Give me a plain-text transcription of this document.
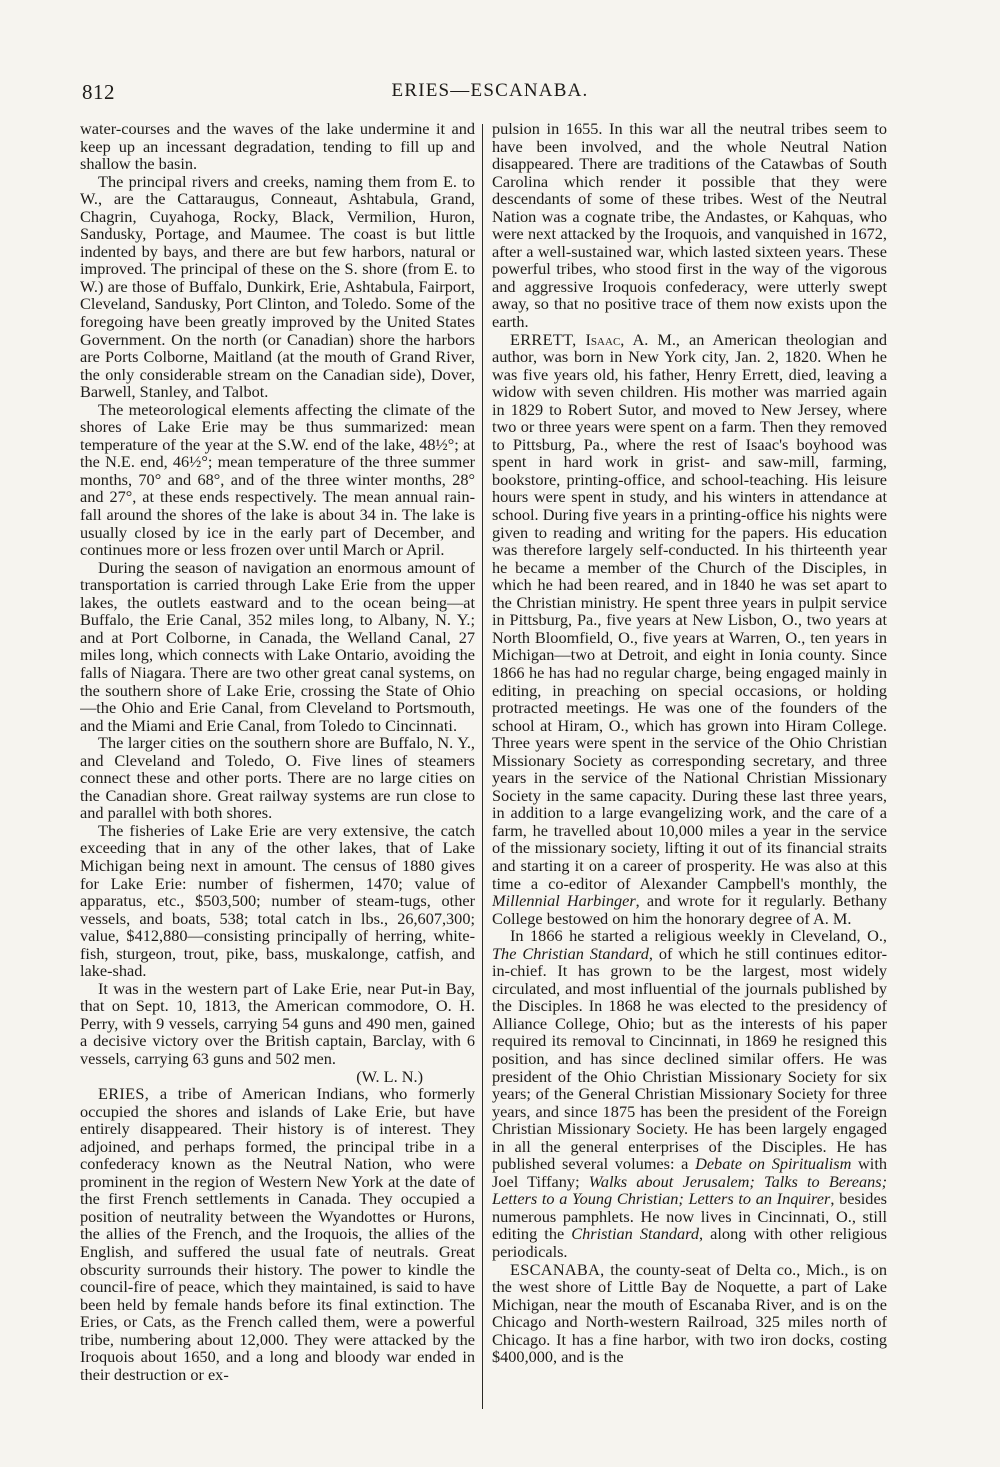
812	ERIES—ESCANABA.

water-courses and the waves of the lake undermine it and keep up an incessant degradation, tending to fill up and shallow the basin.

The principal rivers and creeks, naming them from E. to W., are the Cattaraugus, Conneaut, Ashtabula, Grand, Chagrin, Cuyahoga, Rocky, Black, Vermilion, Huron, Sandusky, Portage, and Maumee. The coast is but little indented by bays, and there are but few harbors, natural or improved. The principal of these on the S. shore (from E. to W.) are those of Buffalo, Dunkirk, Erie, Ashtabula, Fairport, Cleveland, Sandusky, Port Clinton, and Toledo. Some of the foregoing have been greatly improved by the United States Government. On the north (or Canadian) shore the harbors are Ports Colborne, Maitland (at the mouth of Grand River, the only considerable stream on the Canadian side), Dover, Barwell, Stanley, and Talbot.

The meteorological elements affecting the climate of the shores of Lake Erie may be thus summarized: mean temperature of the year at the S.W. end of the lake, 48½°; at the N.E. end, 46½°; mean temperature of the three summer months, 70° and 68°, and of the three winter months, 28° and 27°, at these ends respectively. The mean annual rain-fall around the shores of the lake is about 34 in. The lake is usually closed by ice in the early part of December, and continues more or less frozen over until March or April.

During the season of navigation an enormous amount of transportation is carried through Lake Erie from the upper lakes, the outlets eastward and to the ocean being—at Buffalo, the Erie Canal, 352 miles long, to Albany, N. Y.; and at Port Colborne, in Canada, the Welland Canal, 27 miles long, which connects with Lake Ontario, avoiding the falls of Niagara. There are two other great canal systems, on the southern shore of Lake Erie, crossing the State of Ohio—the Ohio and Erie Canal, from Cleveland to Portsmouth, and the Miami and Erie Canal, from Toledo to Cincinnati.

The larger cities on the southern shore are Buffalo, N. Y., and Cleveland and Toledo, O. Five lines of steamers connect these and other ports. There are no large cities on the Canadian shore. Great railway systems are run close to and parallel with both shores.

The fisheries of Lake Erie are very extensive, the catch exceeding that in any of the other lakes, that of Lake Michigan being next in amount. The census of 1880 gives for Lake Erie: number of fishermen, 1470; value of apparatus, etc., $503,500; number of steam-tugs, other vessels, and boats, 538; total catch in lbs., 26,607,300; value, $412,880—consisting principally of herring, white-fish, sturgeon, trout, pike, bass, muskalonge, catfish, and lake-shad.

It was in the western part of Lake Erie, near Put-in Bay, that on Sept. 10, 1813, the American commodore, O. H. Perry, with 9 vessels, carrying 54 guns and 490 men, gained a decisive victory over the British captain, Barclay, with 6 vessels, carrying 63 guns and 502 men.
(W. L. N.)

ERIES, a tribe of American Indians, who formerly occupied the shores and islands of Lake Erie, but have entirely disappeared. Their history is of interest. They adjoined, and perhaps formed, the principal tribe in a confederacy known as the Neutral Nation, who were prominent in the region of Western New York at the date of the first French settlements in Canada. They occupied a position of neutrality between the Wyandottes or Hurons, the allies of the French, and the Iroquois, the allies of the English, and suffered the usual fate of neutrals. Great obscurity surrounds their history. The power to kindle the council-fire of peace, which they maintained, is said to have been held by female hands before its final extinction. The Eries, or Cats, as the French called them, were a powerful tribe, numbering about 12,000. They were attacked by the Iroquois about 1650, and a long and bloody war ended in their destruction or ex-

pulsion in 1655. In this war all the neutral tribes seem to have been involved, and the whole Neutral Nation disappeared. There are traditions of the Catawbas of South Carolina which render it possible that they were descendants of some of these tribes. West of the Neutral Nation was a cognate tribe, the Andastes, or Kahquas, who were next attacked by the Iroquois, and vanquished in 1672, after a well-sustained war, which lasted sixteen years. These powerful tribes, who stood first in the way of the vigorous and aggressive Iroquois confederacy, were utterly swept away, so that no positive trace of them now exists upon the earth.

ERRETT, Isaac, A. M., an American theologian and author, was born in New York city, Jan. 2, 1820. When he was five years old, his father, Henry Errett, died, leaving a widow with seven children. His mother was married again in 1829 to Robert Sutor, and moved to New Jersey, where two or three years were spent on a farm. Then they removed to Pittsburg, Pa., where the rest of Isaac's boyhood was spent in hard work in grist- and saw-mill, farming, bookstore, printing-office, and school-teaching. His leisure hours were spent in study, and his winters in attendance at school. During five years in a printing-office his nights were given to reading and writing for the papers. His education was therefore largely self-conducted. In his thirteenth year he became a member of the Church of the Disciples, in which he had been reared, and in 1840 he was set apart to the Christian ministry. He spent three years in pulpit service in Pittsburg, Pa., five years at New Lisbon, O., two years at North Bloomfield, O., five years at Warren, O., ten years in Michigan—two at Detroit, and eight in Ionia county. Since 1866 he has had no regular charge, being engaged mainly in editing, in preaching on special occasions, or holding protracted meetings. He was one of the founders of the school at Hiram, O., which has grown into Hiram College. Three years were spent in the service of the Ohio Christian Missionary Society as corresponding secretary, and three years in the service of the National Christian Missionary Society in the same capacity. During these last three years, in addition to a large evangelizing work, and the care of a farm, he travelled about 10,000 miles a year in the service of the missionary society, lifting it out of its financial straits and starting it on a career of prosperity. He was also at this time a co-editor of Alexander Campbell's monthly, the Millennial Harbinger, and wrote for it regularly. Bethany College bestowed on him the honorary degree of A. M.

In 1866 he started a religious weekly in Cleveland, O., The Christian Standard, of which he still continues editor-in-chief. It has grown to be the largest, most widely circulated, and most influential of the journals published by the Disciples. In 1868 he was elected to the presidency of Alliance College, Ohio; but as the interests of his paper required its removal to Cincinnati, in 1869 he resigned this position, and has since declined similar offers. He was president of the Ohio Christian Missionary Society for six years; of the General Christian Missionary Society for three years, and since 1875 has been the president of the Foreign Christian Missionary Society. He has been largely engaged in all the general enterprises of the Disciples. He has published several volumes: a Debate on Spiritualism with Joel Tiffany; Walks about Jerusalem; Talks to Bereans; Letters to a Young Christian; Letters to an Inquirer, besides numerous pamphlets. He now lives in Cincinnati, O., still editing the Christian Standard, along with other religious periodicals.

ESCANABA, the county-seat of Delta co., Mich., is on the west shore of Little Bay de Noquette, a part of Lake Michigan, near the mouth of Escanaba River, and is on the Chicago and North-western Railroad, 325 miles north of Chicago. It has a fine harbor, with two iron docks, costing $400,000, and is the
